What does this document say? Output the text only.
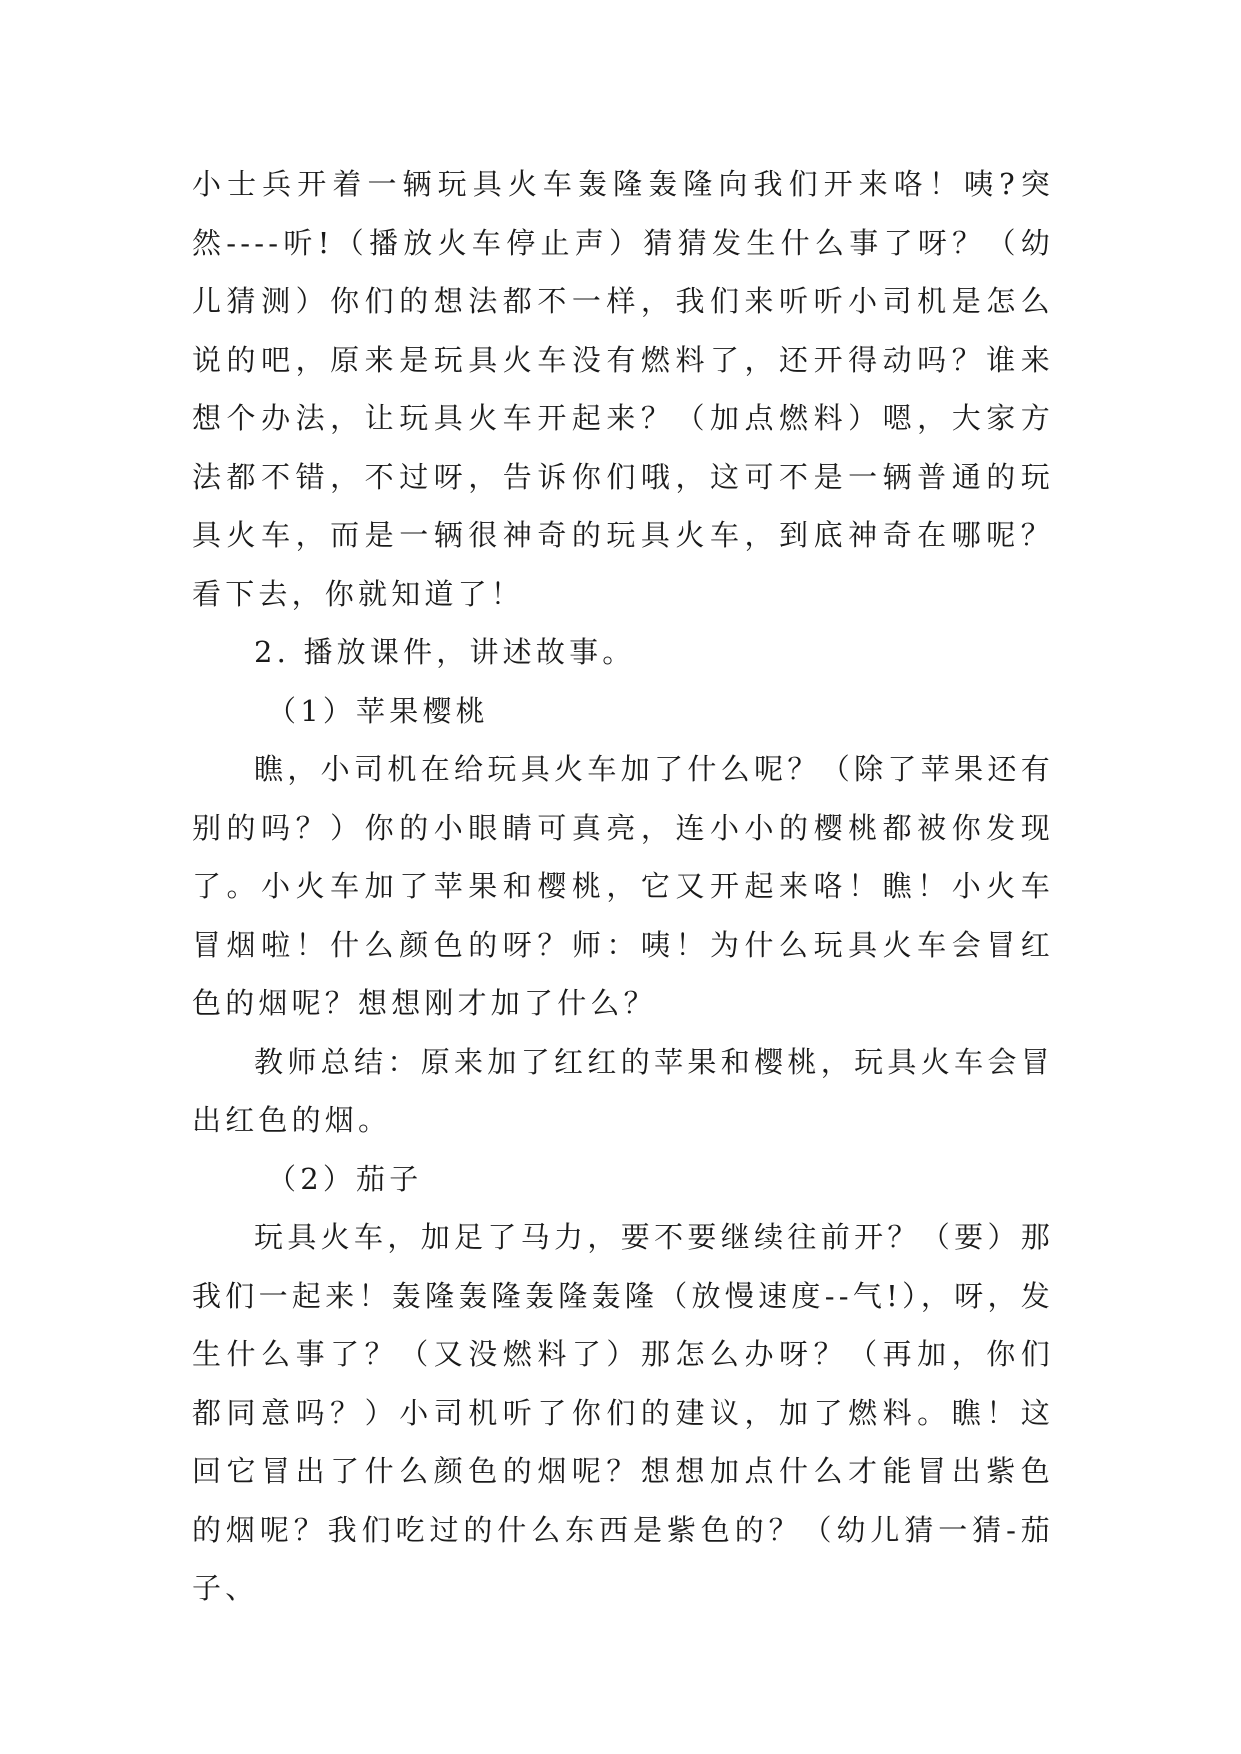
小士兵开着一辆玩具火车轰隆轰隆向我们开来咯！咦?突然----听!（播放火车停止声）猜猜发生什么事了呀？（幼儿猜测）你们的想法都不一样，我们来听听小司机是怎么说的吧，原来是玩具火车没有燃料了，还开得动吗？谁来想个办法，让玩具火车开起来？（加点燃料）嗯，大家方法都不错，不过呀，告诉你们哦，这可不是一辆普通的玩具火车，而是一辆很神奇的玩具火车，到底神奇在哪呢？看下去，你就知道了！

2. 播放课件，讲述故事。

（1）苹果樱桃

瞧，小司机在给玩具火车加了什么呢？（除了苹果还有别的吗？）你的小眼睛可真亮，连小小的樱桃都被你发现了。小火车加了苹果和樱桃，它又开起来咯！瞧！小火车冒烟啦！什么颜色的呀？师：咦！为什么玩具火车会冒红色的烟呢？想想刚才加了什么？

教师总结：原来加了红红的苹果和樱桃，玩具火车会冒出红色的烟。

（2）茄子

玩具火车，加足了马力，要不要继续往前开？（要）那我们一起来！轰隆轰隆轰隆轰隆（放慢速度--气!），呀，发生什么事了？（又没燃料了）那怎么办呀？（再加，你们都同意吗？）小司机听了你们的建议，加了燃料。瞧！这回它冒出了什么颜色的烟呢？想想加点什么才能冒出紫色的烟呢？我们吃过的什么东西是紫色的？（幼儿猜一猜-茄子、
